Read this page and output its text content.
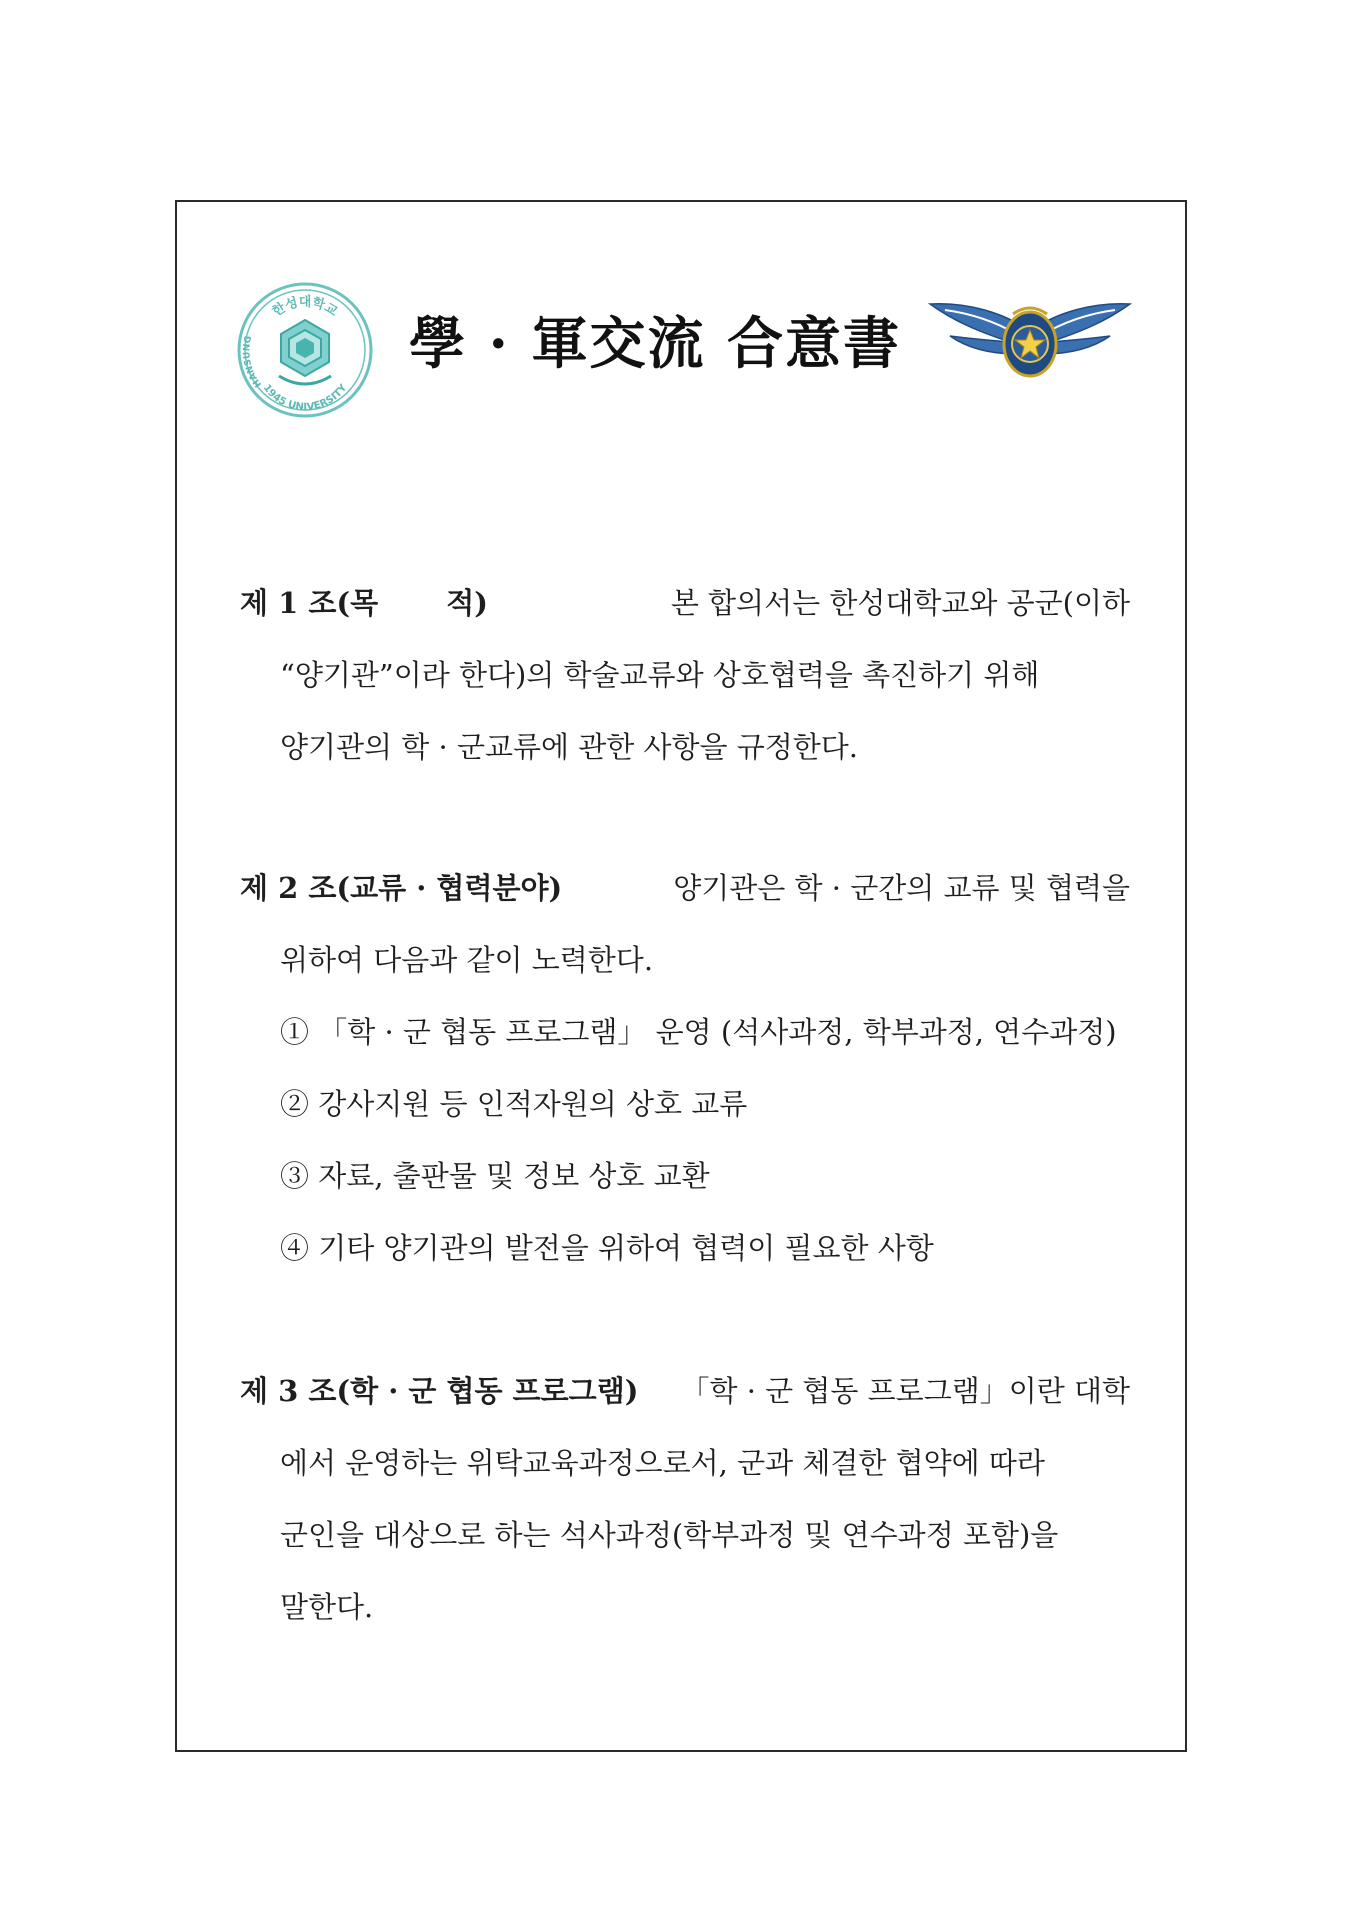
한성대학교
1945 UNIVERSITY
HANSUNG	學 · 軍交流 合意書
제 1 조(목　　 적)	본 합의서는 한성대학교와 공군(이하
“양기관”이라 한다)의 학술교류와 상호협력을 촉진하기 위해
양기관의 학 · 군교류에 관한 사항을 규정한다.
제 2 조(교류 · 협력분야)	양기관은 학 · 군간의 교류 및 협력을
위하여 다음과 같이 노력한다.
① 「학 · 군 협동 프로그램」 운영 (석사과정, 학부과정, 연수과정)
② 강사지원 등 인적자원의 상호 교류
③ 자료, 출판물 및 정보 상호 교환
④ 기타 양기관의 발전을 위하여 협력이 필요한 사항
제 3 조(학 · 군 협동 프로그램) 「학 · 군 협동 프로그램」이란 대학
에서 운영하는 위탁교육과정으로서, 군과 체결한 협약에 따라
군인을 대상으로 하는 석사과정(학부과정 및 연수과정 포함)을
말한다.
